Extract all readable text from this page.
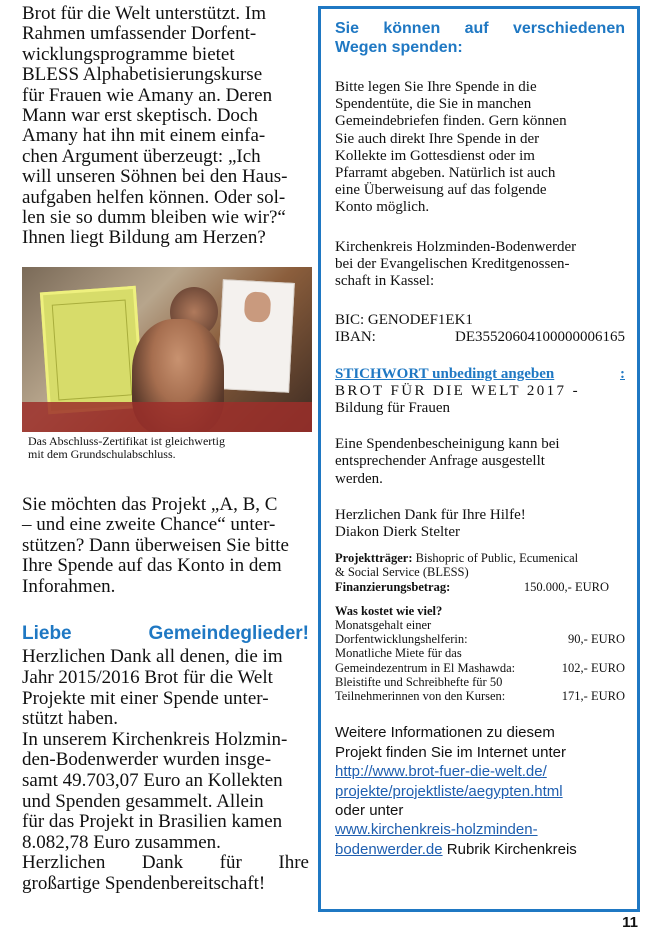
Brot für die Welt unterstützt. Im
Rahmen umfassender Dorfent-
wicklungsprogramme bietet
BLESS Alphabetisierungskurse
für Frauen wie Amany an. Deren
Mann war erst skeptisch. Doch
Amany hat ihn mit einem einfa-
chen Argument überzeugt: „Ich
will unseren Söhnen bei den Haus-
aufgaben helfen können. Oder sol-
len sie so dumm bleiben wie wir?“
Ihnen liegt Bildung am Herzen?
Das Abschluss-Zertifikat ist gleichwertig
mit dem Grundschulabschluss.
Sie möchten das Projekt „A, B, C
– und eine zweite Chance“ unter-
stützen? Dann überweisen Sie bitte
Ihre Spende auf das Konto in dem
Inforahmen.
Liebe	Gemeindeglieder!
Herzlichen Dank all denen, die im
Jahr 2015/2016 Brot für die Welt
Projekte mit einer Spende unter-
stützt haben.
In unserem Kirchenkreis Holzmin-
den-Bodenwerder wurden insge-
samt 49.703,07 Euro an Kollekten
und Spenden gesammelt. Allein
für das Projekt in Brasilien kamen
8.082,78 Euro zusammen.
Herzlichen Dank für Ihre
großartige Spendenbereitschaft!
Sie können auf verschiedenen
Wegen spenden:
Bitte legen Sie Ihre Spende in die
Spendentüte, die Sie in manchen
Gemeindebriefen finden. Gern können
Sie auch direkt Ihre Spende in der
Kollekte im Gottesdienst oder im
Pfarramt abgeben. Natürlich ist auch
eine Überweisung auf das folgende
Konto möglich.
Kirchenkreis Holzminden-Bodenwerder
bei der Evangelischen Kreditgenossen-
schaft in Kassel:
BIC: GENODEF1EK1
IBAN:	DE35520604100000006165
STICHWORT unbedingt angeben	:
BROT FÜR DIE WELT 2017 -
Bildung für Frauen
Eine Spendenbescheinigung kann bei
entsprechender Anfrage ausgestellt
werden.
Herzlichen Dank für Ihre Hilfe!
Diakon Dierk Stelter
Projektträger: Bishopric of Public, Ecumenical
& Social Service (BLESS)
Finanzierungsbetrag:	150.000,- EURO
Was kostet wie viel?
Monatsgehalt einer
Dorfentwicklungshelferin:	90,- EURO
Monatliche Miete für das
Gemeindezentrum in El Mashawda:	102,- EURO
Bleistifte und Schreibhefte für 50
Teilnehmerinnen von den Kursen:	171,- EURO
Weitere Informationen zu diesem
Projekt finden Sie im Internet unter
http://www.brot-fuer-die-welt.de/
projekte/projektliste/aegypten.html
oder unter
www.kirchenkreis-holzminden-
bodenwerder.de Rubrik Kirchenkreis
11
